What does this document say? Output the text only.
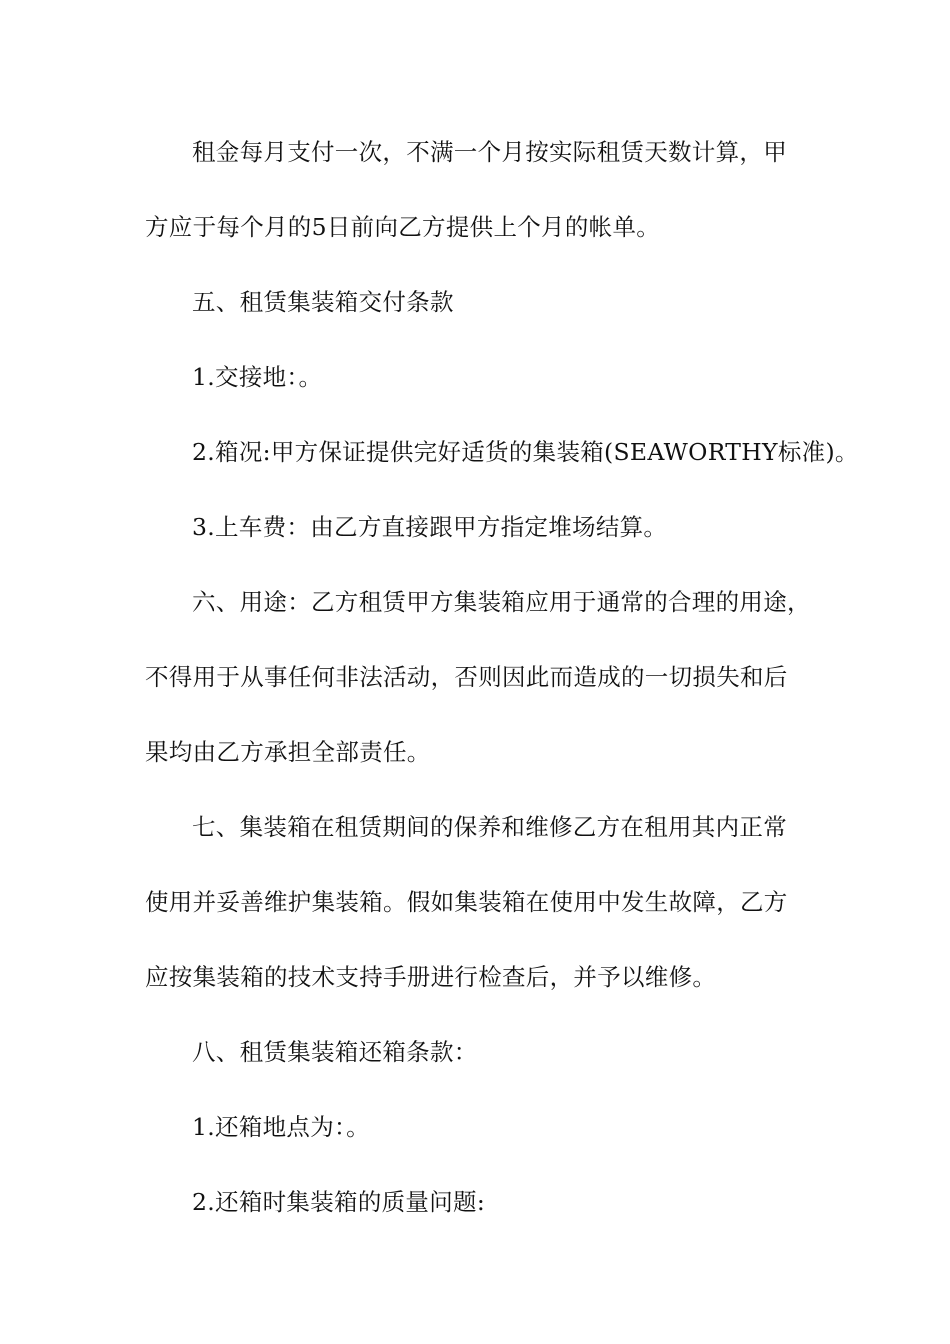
租金每月支付一次，不满一个月按实际租赁天数计算，甲
方应于每个月的5日前向乙方提供上个月的帐单。
五、租赁集装箱交付条款
1.交接地：。
2.箱况:甲方保证提供完好适货的集装箱(SEAWORTHY标准)。
3.上车费：由乙方直接跟甲方指定堆场结算。
六、用途：乙方租赁甲方集装箱应用于通常的合理的用途，
不得用于从事任何非法活动，否则因此而造成的一切损失和后
果均由乙方承担全部责任。
七、集装箱在租赁期间的保养和维修乙方在租用其内正常
使用并妥善维护集装箱。假如集装箱在使用中发生故障，乙方
应按集装箱的技术支持手册进行检查后，并予以维修。
八、租赁集装箱还箱条款：
1.还箱地点为：。
2.还箱时集装箱的质量问题:
